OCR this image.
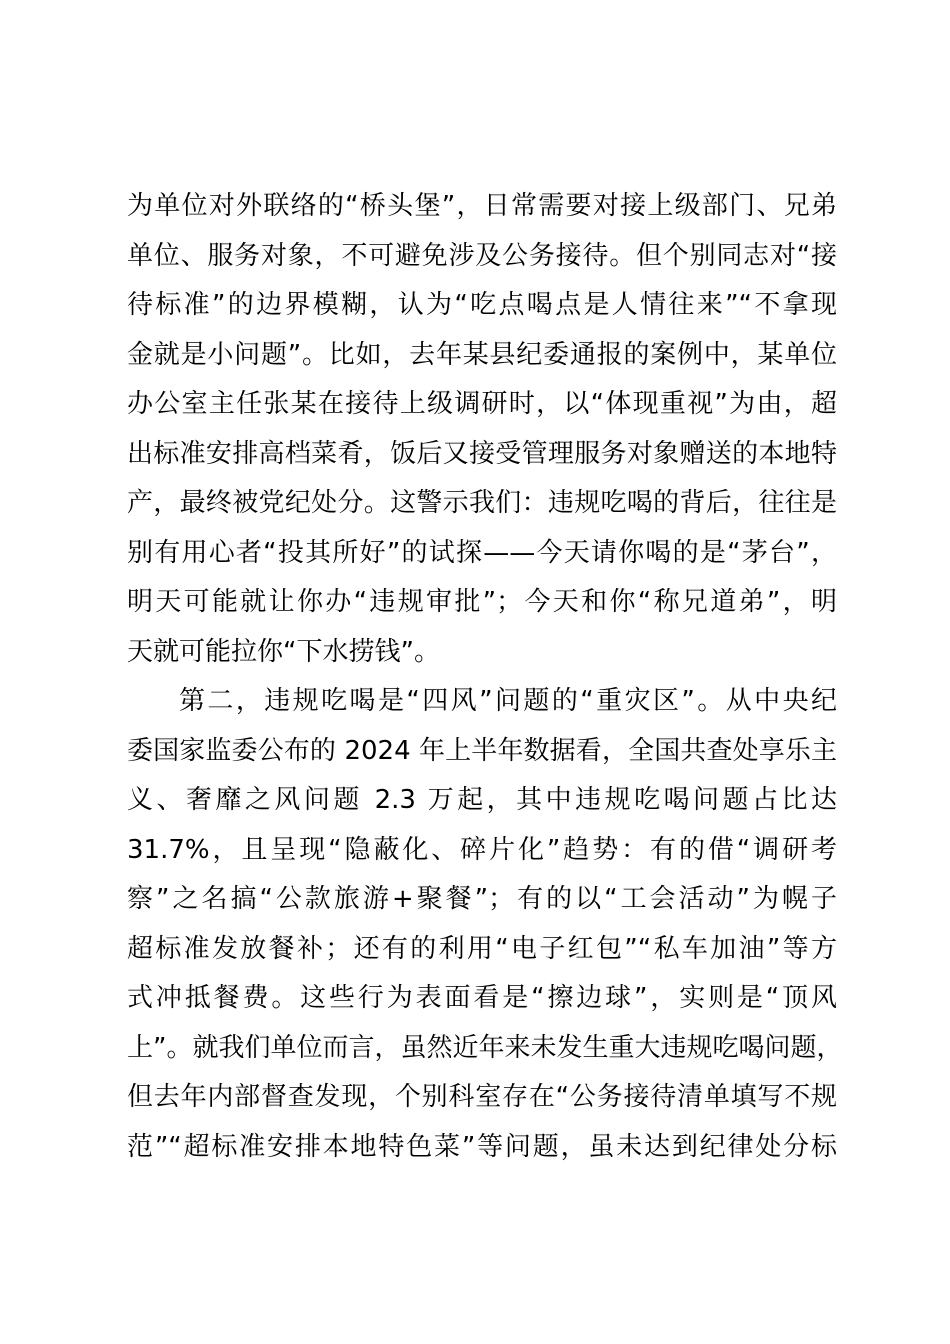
为单位对外联络的“桥头堡”，日常需要对接上级部门、兄弟
单位、服务对象，不可避免涉及公务接待。但个别同志对“接
待标准”的边界模糊，认为“吃点喝点是人情往来”“不拿现
金就是小问题”。比如，去年某县纪委通报的案例中，某单位
办公室主任张某在接待上级调研时，以“体现重视”为由，超
出标准安排高档菜肴，饭后又接受管理服务对象赠送的本地特
产，最终被党纪处分。这警示我们：违规吃喝的背后，往往是
别有用心者“投其所好”的试探——今天请你喝的是“茅台”，
明天可能就让你办“违规审批”；今天和你“称兄道弟”，明
天就可能拉你“下水捞钱”。
第二，违规吃喝是“四风”问题的“重灾区”。从中央纪
委国家监委公布的 2024 年上半年数据看，全国共查处享乐主
义、奢靡之风问题 2.3 万起，其中违规吃喝问题占比达
31.7%，且呈现“隐蔽化、碎片化”趋势：有的借“调研考
察”之名搞“公款旅游+聚餐”；有的以“工会活动”为幌子
超标准发放餐补；还有的利用“电子红包”“私车加油”等方
式冲抵餐费。这些行为表面看是“擦边球”，实则是“顶风
上”。就我们单位而言，虽然近年来未发生重大违规吃喝问题，
但去年内部督查发现，个别科室存在“公务接待清单填写不规
范”“超标准安排本地特色菜”等问题，虽未达到纪律处分标
